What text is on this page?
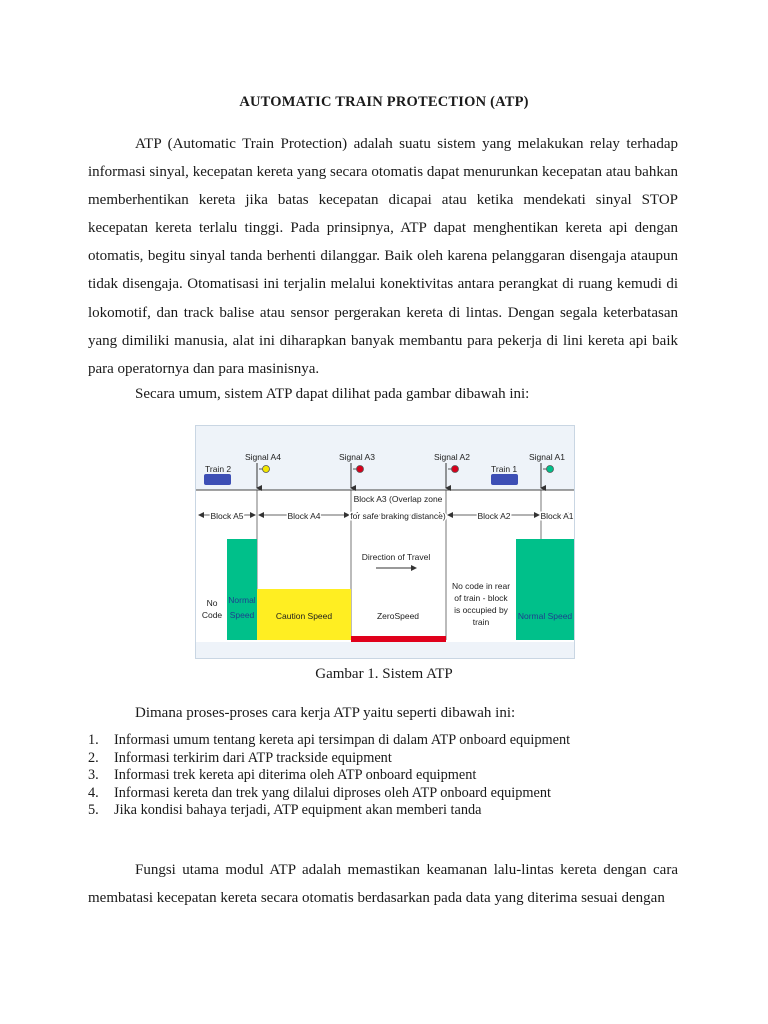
AUTOMATIC TRAIN PROTECTION (ATP)

ATP (Automatic Train Protection) adalah suatu sistem yang melakukan relay terhadap informasi sinyal, kecepatan kereta yang secara otomatis dapat menurunkan kecepatan atau bahkan memberhentikan kereta jika batas kecepatan dicapai atau ketika mendekati sinyal STOP kecepatan kereta terlalu tinggi. Pada prinsipnya, ATP dapat menghentikan kereta api dengan otomatis, begitu sinyal tanda berhenti dilanggar. Baik oleh karena pelanggaran disengaja ataupun tidak disengaja. Otomatisasi ini terjalin melalui konektivitas antara perangkat di ruang kemudi di lokomotif, dan track balise atau sensor pergerakan kereta di lintas. Dengan segala keterbatasan yang dimiliki manusia, alat ini diharapkan banyak membantu para pekerja di lini kereta api baik para operatornya dan para masinisnya.

Secara umum, sistem ATP dapat dilihat pada gambar dibawah ini:
Train 2	Train 1
Signal A4	Signal A3	Signal A2	Signal A1
Block A5	Block A4
Block A3 (Overlap zone
for safe braking distance)	Block A2	Block A1
Direction of Travel
No
Code
Normal
Speed	Caution Speed	ZeroSpeed
No code in rear
of train - block
is occupied by
train
Normal Speed
Gambar 1. Sistem ATP
Dimana proses-proses cara kerja ATP yaitu seperti dibawah ini:
1.	Informasi umum tentang kereta api tersimpan di dalam ATP onboard equipment
2.	Informasi terkirim dari ATP trackside equipment
3.	Informasi trek kereta api diterima oleh ATP onboard equipment
4.	Informasi kereta dan trek yang dilalui diproses oleh ATP onboard equipment
5.	Jika kondisi bahaya terjadi, ATP equipment akan memberi tanda

Fungsi utama modul ATP adalah memastikan keamanan lalu-lintas kereta dengan cara membatasi kecepatan kereta secara otomatis berdasarkan pada data yang diterima sesuai dengan
